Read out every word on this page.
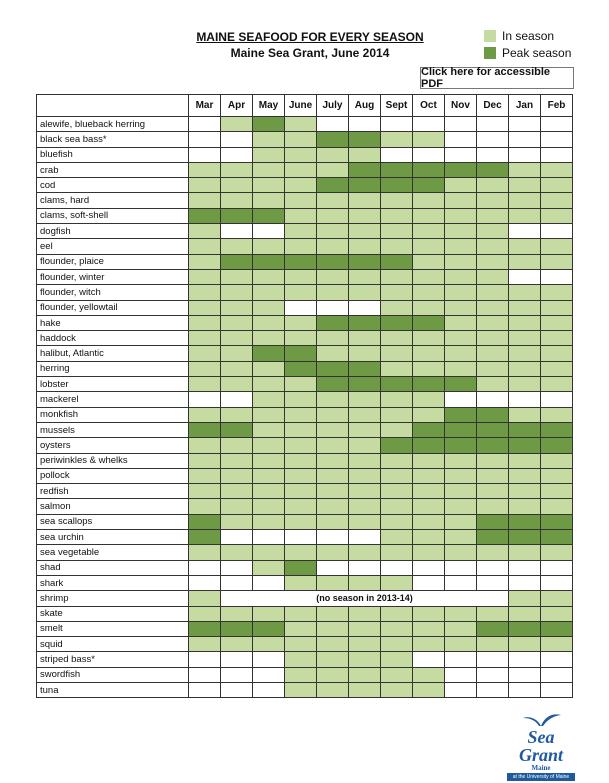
MAINE SEAFOOD FOR EVERY SEASON
Maine Sea Grant, June 2014
In season
Peak season
Click here for accessible PDF
	Mar	Apr	May	June	July	Aug	Sept	Oct	Nov	Dec	Jan	Feb
alewife, blueback herring												
black sea bass*												
bluefish												
crab												
cod												
clams, hard												
clams, soft-shell												
dogfish												
eel												
flounder, plaice												
flounder, winter												
flounder, witch												
flounder, yellowtail												
hake												
haddock												
halibut, Atlantic												
herring												
lobster												
mackerel												
monkfish												
mussels												
oysters												
periwinkles & whelks												
pollock												
redfish												
salmon												
sea scallops												
sea urchin												
sea vegetable												
shad												
shark												
shrimp		(no season in 2013-14)										
skate												
smelt												
squid												
striped bass*												
swordfish												
tuna												
Sea Grant
Maine
at the University of Maine
